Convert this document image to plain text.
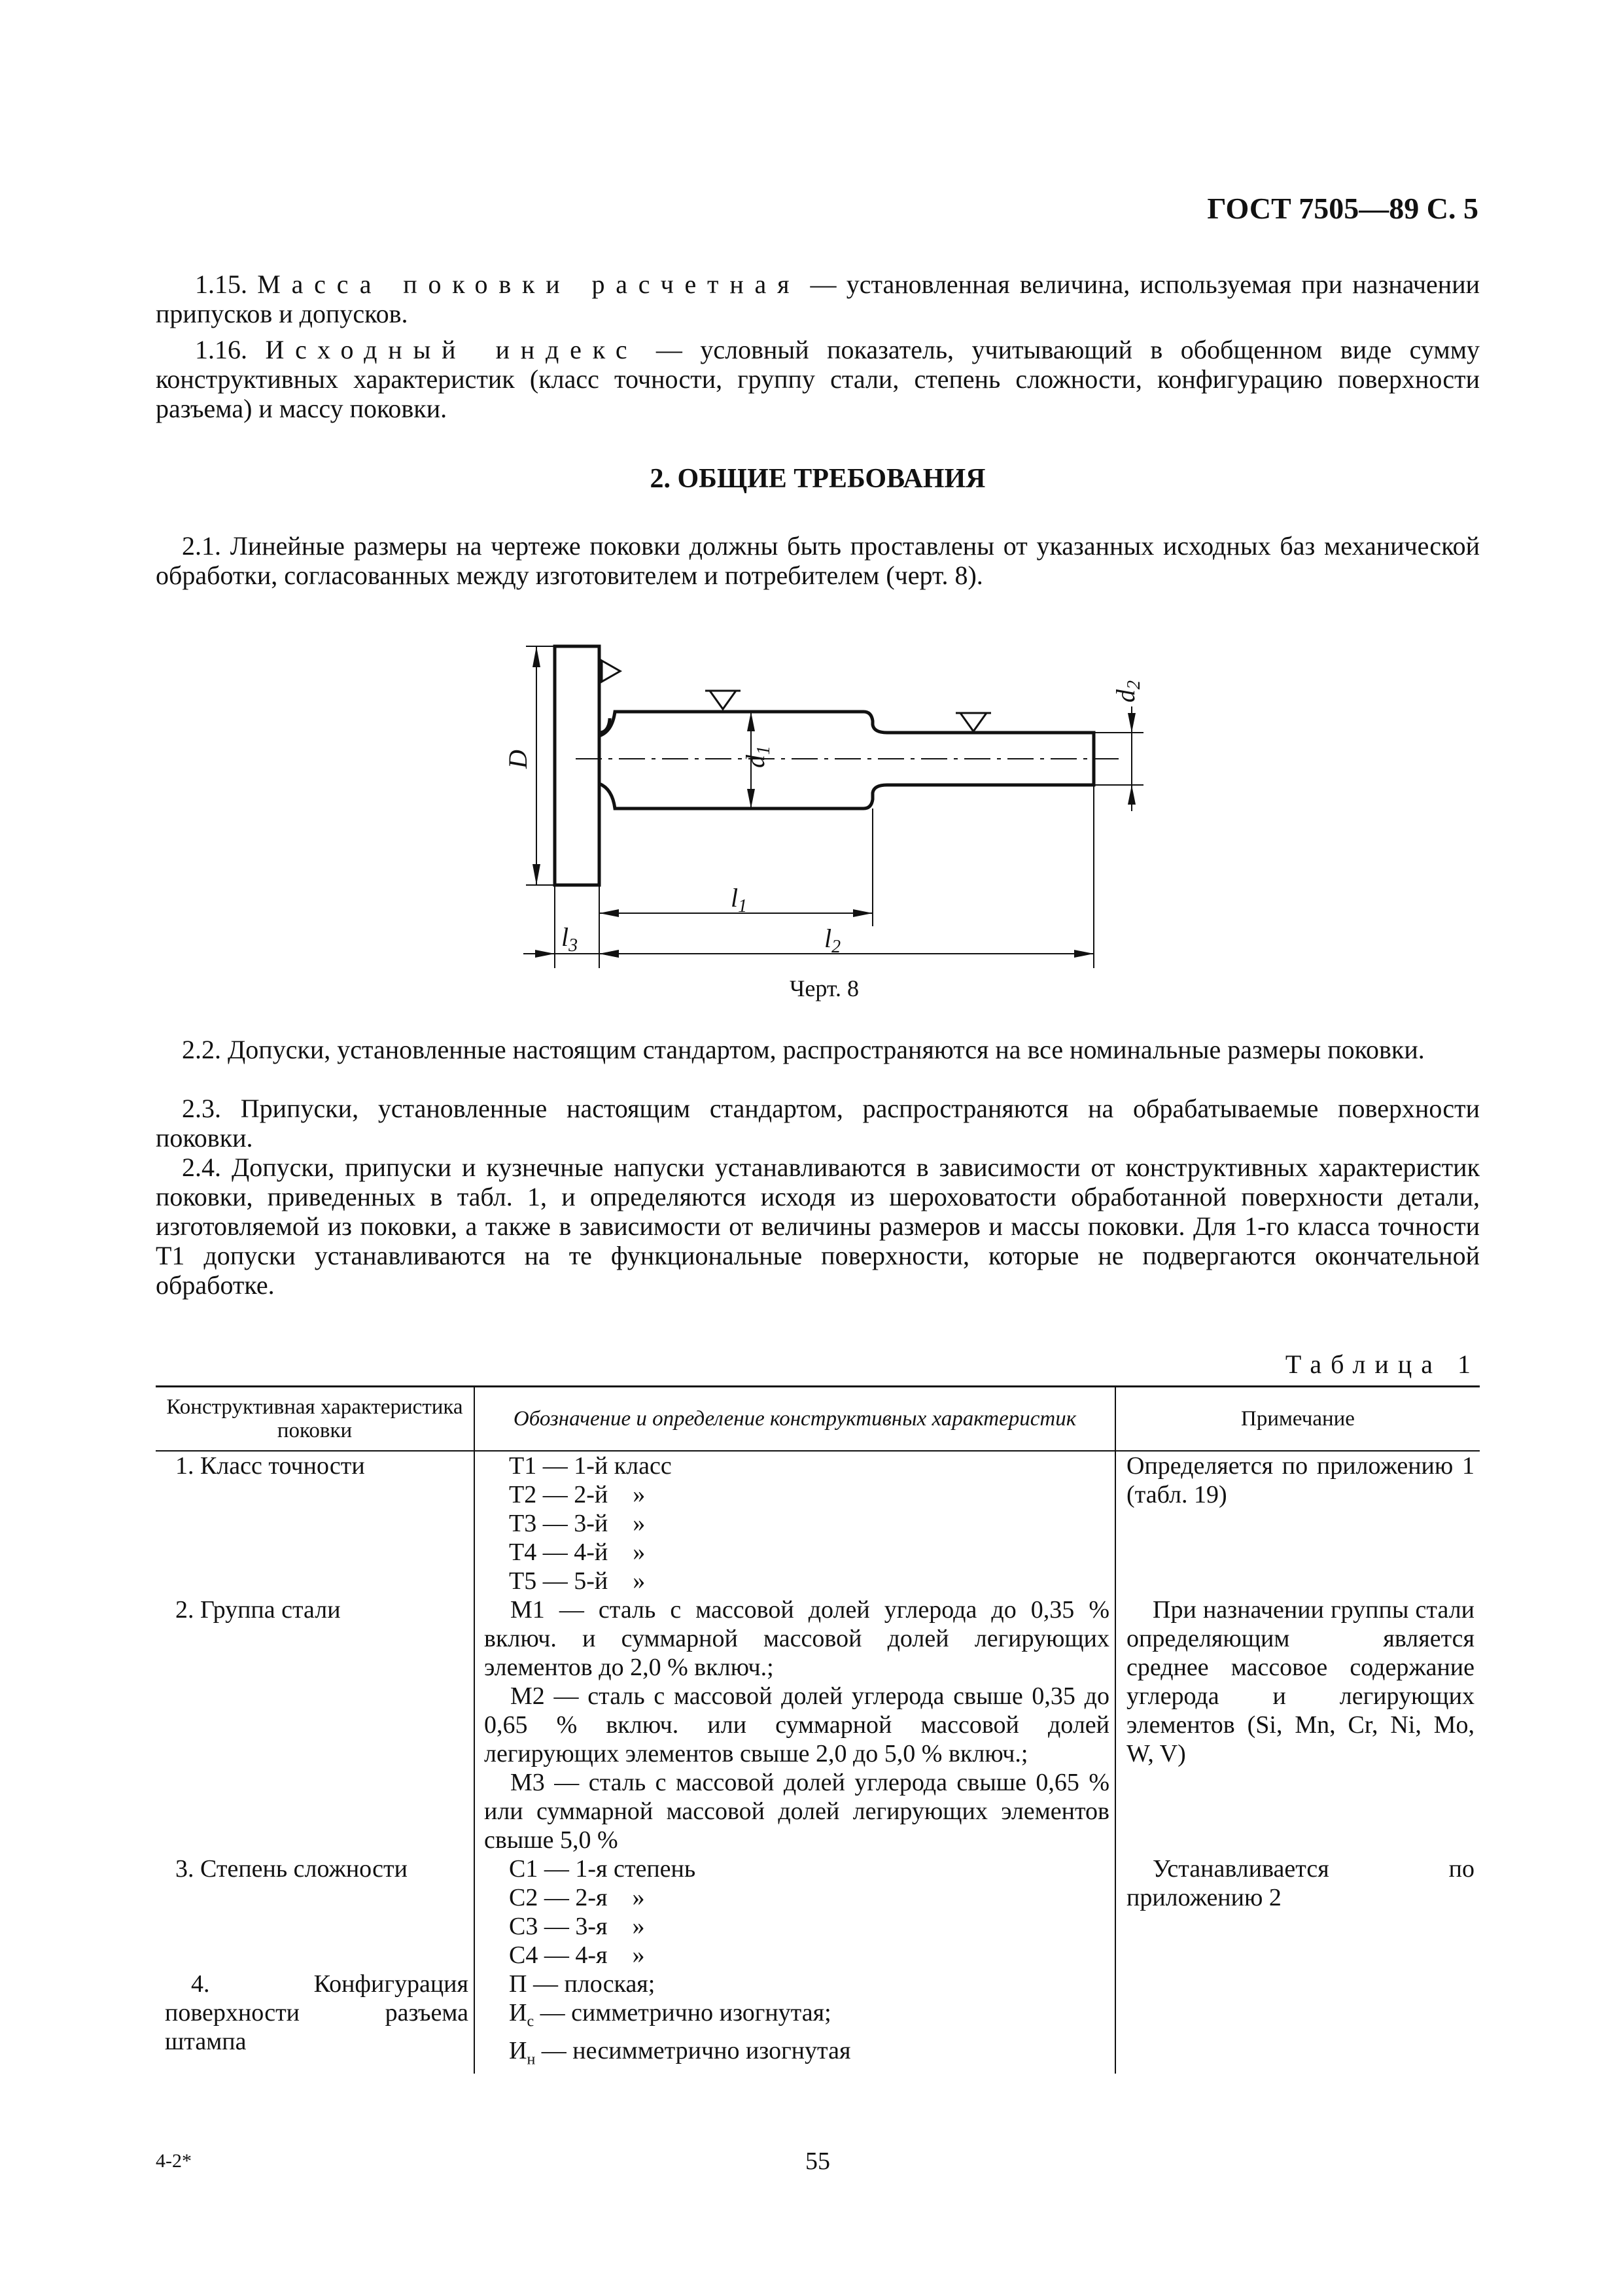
ГОСТ 7505—89 С. 5
1.15. Масса поковки расчетная — установленная величина, используемая при назначении припусков и допусков.
1.16. Исходный индекс — условный показатель, учитывающий в обобщенном виде сумму конструктивных характеристик (класс точности, группу стали, степень сложности, конфигурацию поверхности разъема) и массу поковки.
2. ОБЩИЕ ТРЕБОВАНИЯ
2.1. Линейные размеры на чертеже поковки должны быть проставлены от указанных исходных баз механической обработки, согласованных между изготовителем и потребителем (черт. 8).
D	$d_1$
$d_2$
$l_1$
$l_2$
$l_3$
Черт. 8
2.2. Допуски, установленные настоящим стандартом, распространяются на все номинальные размеры поковки.
2.3. Припуски, установленные настоящим стандартом, распространяются на обрабатываемые поверхности поковки.
2.4. Допуски, припуски и кузнечные напуски устанавливаются в зависимости от конструктивных характеристик поковки, приведенных в табл. 1, и определяются исходя из шероховатости обработанной поверхности детали, изготовляемой из поковки, а также в зависимости от величины размеров и массы поковки. Для 1-го класса точности Т1 допуски устанавливаются на те функциональные поверхности, которые не подвергаются окончательной обработке.
Таблица 1
Конструктивная характеристика поковки	Обозначение и определение конструктивных характеристик	Примечание
1. Класс точности	Т1 — 1-й класс
Т2 — 2-й    »
Т3 — 3-й    »
Т4 — 4-й    »
Т5 — 5-й    »	Определяется по приложению 1 (табл. 19)

2. Группа стали	М1 — сталь с массовой долей углерода до 0,35 % включ. и суммарной массовой долей легирующих элементов до 2,0 % включ.;
М2 — сталь с массовой долей углерода свыше 0,35 до 0,65 % включ. или суммарной массовой долей легирующих элементов свыше 2,0 до 5,0 % включ.;
М3 — сталь с массовой долей углерода свыше 0,65 % или суммарной массовой долей легирующих элементов свыше 5,0 %	При назначении группы стали определяющим является среднее массовое содержание углерода и легирующих элементов (Si, Mn, Cr, Ni, Mo, W, V)

3. Степень сложности	С1 — 1-я степень
С2 — 2-я    »
С3 — 3-я    »
С4 — 4-я    »	Устанавливается по приложению 2

4. Конфигурация поверхности разъема штампа	П — плоская;
$И_с$ — симметрично изогнутая;
$И_н$ — несимметрично изогнутая	

4-2*	55
